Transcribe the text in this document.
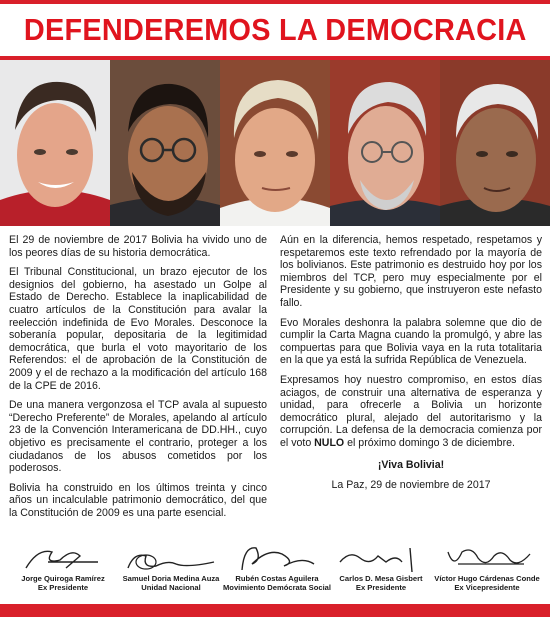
DEFENDEREMOS LA DEMOCRACIA

El 29 de noviembre de 2017 Bolivia ha vivido uno de los peores días de su historia democrática.

El Tribunal Constitucional, un brazo ejecutor de los designios del gobierno, ha asestado un Golpe al Estado de Derecho. Establece la inaplicabilidad de cuatro artículos de la Constitución para avalar la reelección indefinida de Evo Morales. Desconoce la soberanía popular, depositaria de la legitimidad democrática, que burla el voto mayoritario de los Referendos: el de aprobación de la Constitución de 2009 y el de rechazo a la modificación del artículo 168 de la CPE de 2016.

De una manera vergonzosa el TCP avala al supuesto “Derecho Preferente” de Morales, apelando al artículo 23 de la Convención Interamericana de DD.HH., cuyo objetivo es precisamente el contrario, proteger a los ciudadanos de los abusos cometidos por los poderosos.

Bolivia ha construido en los últimos treinta y cinco años un incalculable patrimonio democrático, del que la Constitución de 2009 es una parte esencial.

Aún en la diferencia, hemos respetado, respetamos y respetaremos este texto refrendado por la mayoría de los bolivianos. Este patrimonio es destruido hoy por los miembros del TCP, pero muy especialmente por el Presidente y su gobierno, que instruyeron este nefasto fallo.

Evo Morales deshonra la palabra solemne que dio de cumplir la Carta Magna cuando la promulgó, y abre las compuertas para que Bolivia vaya en la ruta totalitaria en la que ya está la sufrida República de Venezuela.

Expresamos hoy nuestro compromiso, en estos días aciagos, de construir una alternativa de esperanza y unidad, para ofrecerle a Bolivia un horizonte democrático plural, alejado del autoritarismo y la corrupción. La defensa de la democracia comienza por el voto NULO el próximo domingo 3 de diciembre.

¡Viva Bolivia!

La Paz, 29 de noviembre de 2017

Jorge Quiroga Ramírez
Ex Presidente
Samuel Doria Medina Auza
Unidad Nacional
Rubén Costas Aguilera
Movimiento Demócrata Social
Carlos D. Mesa Gisbert
Ex Presidente
Víctor Hugo Cárdenas Conde
Ex Vicepresidente
